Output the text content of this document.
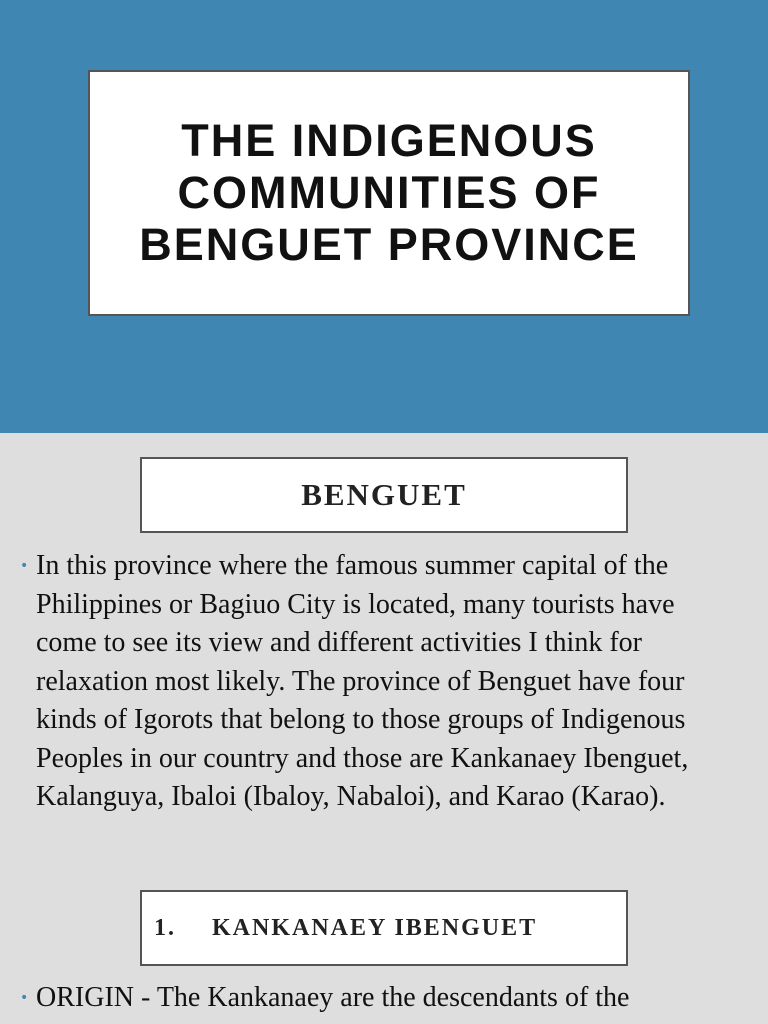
THE INDIGENOUS
COMMUNITIES OF
BENGUET PROVINCE
BENGUET
• In this province where the famous summer capital of the Philippines or Bagiuo City is located, many tourists have come to see its view and different activities I think for relaxation most likely. The province of Benguet have four kinds of Igorots that belong to those groups of Indigenous Peoples in our country and those are Kankanaey Ibenguet, Kalanguya, Ibaloi (Ibaloy, Nabaloi), and Karao (Karao).

1. KANKANAEY IBENGUET
• ORIGIN - The Kankanaey are the descendants of the
